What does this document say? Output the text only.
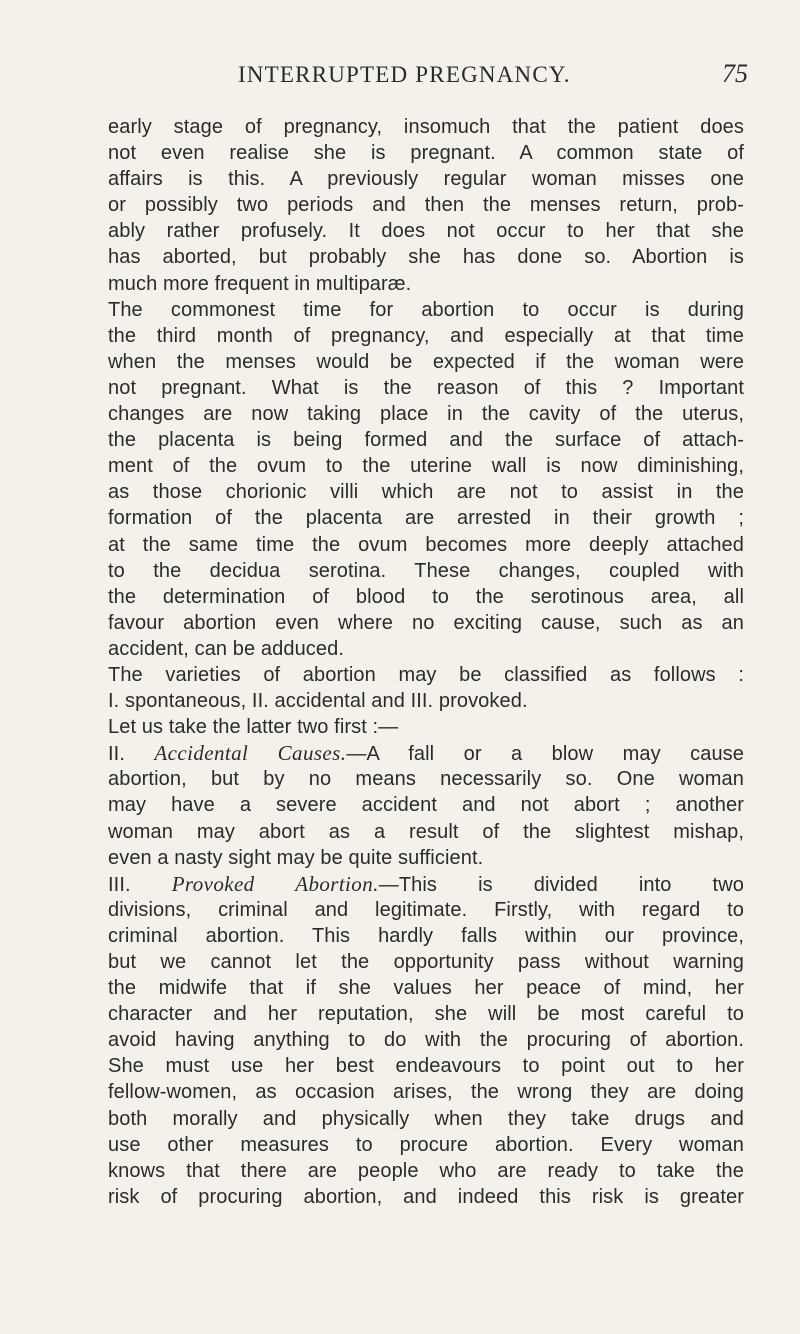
INTERRUPTED PREGNANCY.	75
early stage of pregnancy, insomuch that the patient does
not even realise she is pregnant. A common state of
affairs is this. A previously regular woman misses one
or possibly two periods and then the menses return, prob-
ably rather profusely. It does not occur to her that she
has aborted, but probably she has done so. Abortion is
much more frequent in multiparæ.
The commonest time for abortion to occur is during
the third month of pregnancy, and especially at that time
when the menses would be expected if the woman were
not pregnant. What is the reason of this ? Important
changes are now taking place in the cavity of the uterus,
the placenta is being formed and the surface of attach-
ment of the ovum to the uterine wall is now diminishing,
as those chorionic villi which are not to assist in the
formation of the placenta are arrested in their growth ;
at the same time the ovum becomes more deeply attached
to the decidua serotina. These changes, coupled with
the determination of blood to the serotinous area, all
favour abortion even where no exciting cause, such as an
accident, can be adduced.
The varieties of abortion may be classified as follows :
I. spontaneous, II. accidental and III. provoked.
Let us take the latter two first :—
II. Accidental Causes.—A fall or a blow may cause
abortion, but by no means necessarily so. One woman
may have a severe accident and not abort ; another
woman may abort as a result of the slightest mishap,
even a nasty sight may be quite sufficient.
III. Provoked Abortion.—This is divided into two
divisions, criminal and legitimate. Firstly, with regard to
criminal abortion. This hardly falls within our province,
but we cannot let the opportunity pass without warning
the midwife that if she values her peace of mind, her
character and her reputation, she will be most careful to
avoid having anything to do with the procuring of abortion.
She must use her best endeavours to point out to her
fellow-women, as occasion arises, the wrong they are doing
both morally and physically when they take drugs and
use other measures to procure abortion. Every woman
knows that there are people who are ready to take the
risk of procuring abortion, and indeed this risk is greater
